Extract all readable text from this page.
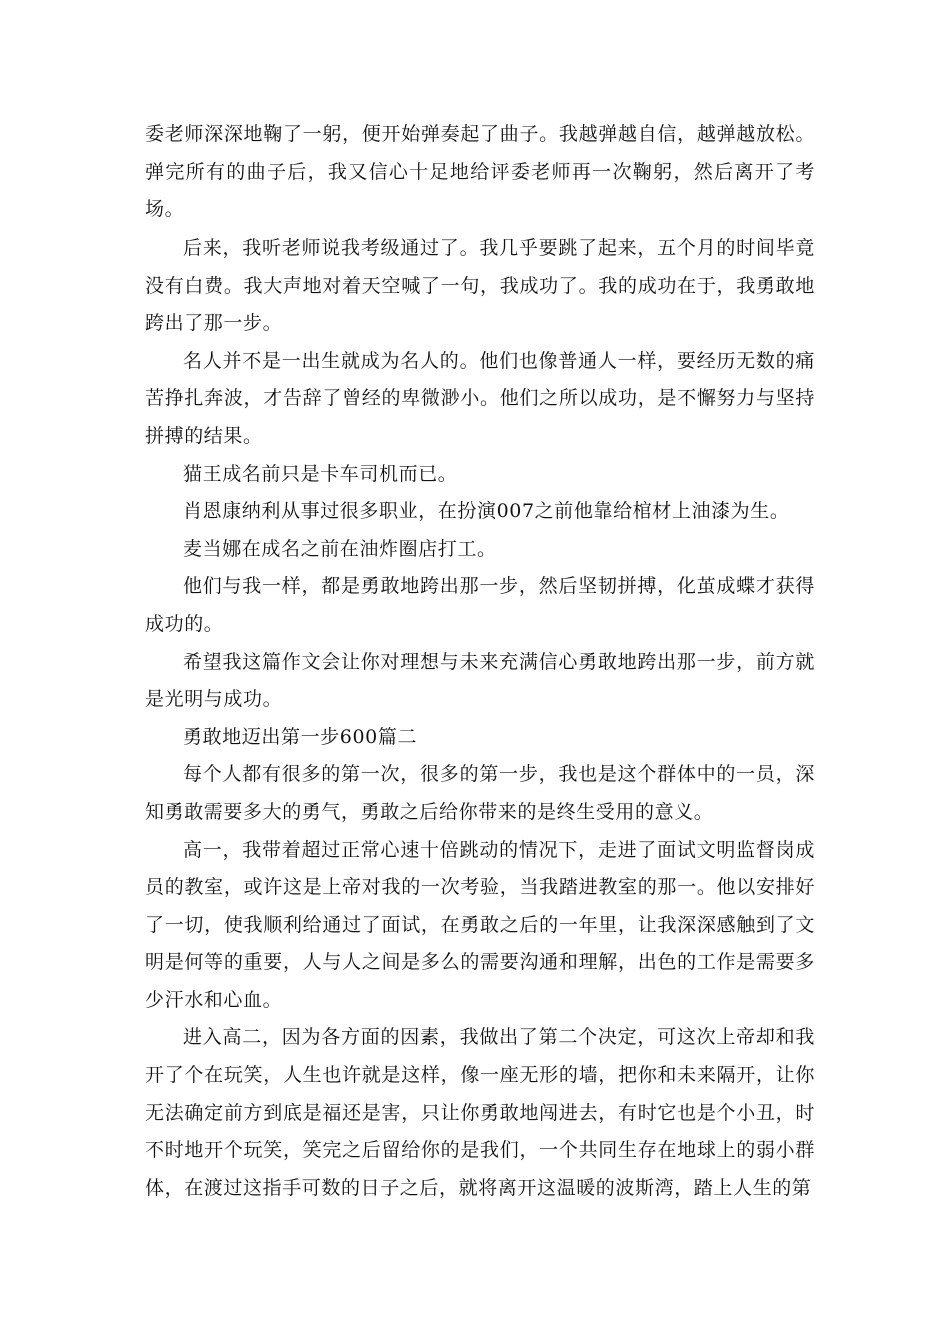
委老师深深地鞠了一躬，便开始弹奏起了曲子。我越弹越自信，越弹越放松。弹完所有的曲子后，我又信心十足地给评委老师再一次鞠躬，然后离开了考场。

后来，我听老师说我考级通过了。我几乎要跳了起来，五个月的时间毕竟没有白费。我大声地对着天空喊了一句，我成功了。我的成功在于，我勇敢地跨出了那一步。

名人并不是一出生就成为名人的。他们也像普通人一样，要经历无数的痛苦挣扎奔波，才告辞了曾经的卑微渺小。他们之所以成功，是不懈努力与坚持拼搏的结果。

猫王成名前只是卡车司机而已。

肖恩康纳利从事过很多职业，在扮演007之前他靠给棺材上油漆为生。

麦当娜在成名之前在油炸圈店打工。

他们与我一样，都是勇敢地跨出那一步，然后坚韧拼搏，化茧成蝶才获得成功的。

希望我这篇作文会让你对理想与未来充满信心勇敢地跨出那一步，前方就是光明与成功。

勇敢地迈出第一步600篇二

每个人都有很多的第一次，很多的第一步，我也是这个群体中的一员，深知勇敢需要多大的勇气，勇敢之后给你带来的是终生受用的意义。

高一，我带着超过正常心速十倍跳动的情况下，走进了面试文明监督岗成员的教室，或许这是上帝对我的一次考验，当我踏进教室的那一。他以安排好了一切，使我顺利给通过了面试，在勇敢之后的一年里，让我深深感触到了文明是何等的重要，人与人之间是多么的需要沟通和理解，出色的工作是需要多少汗水和心血。

进入高二，因为各方面的因素，我做出了第二个决定，可这次上帝却和我开了个在玩笑，人生也许就是这样，像一座无形的墙，把你和未来隔开，让你无法确定前方到底是福还是害，只让你勇敢地闯进去，有时它也是个小丑，时不时地开个玩笑，笑完之后留给你的是我们，一个共同生存在地球上的弱小群体，在渡过这指手可数的日子之后，就将离开这温暖的波斯湾，踏上人生的第
